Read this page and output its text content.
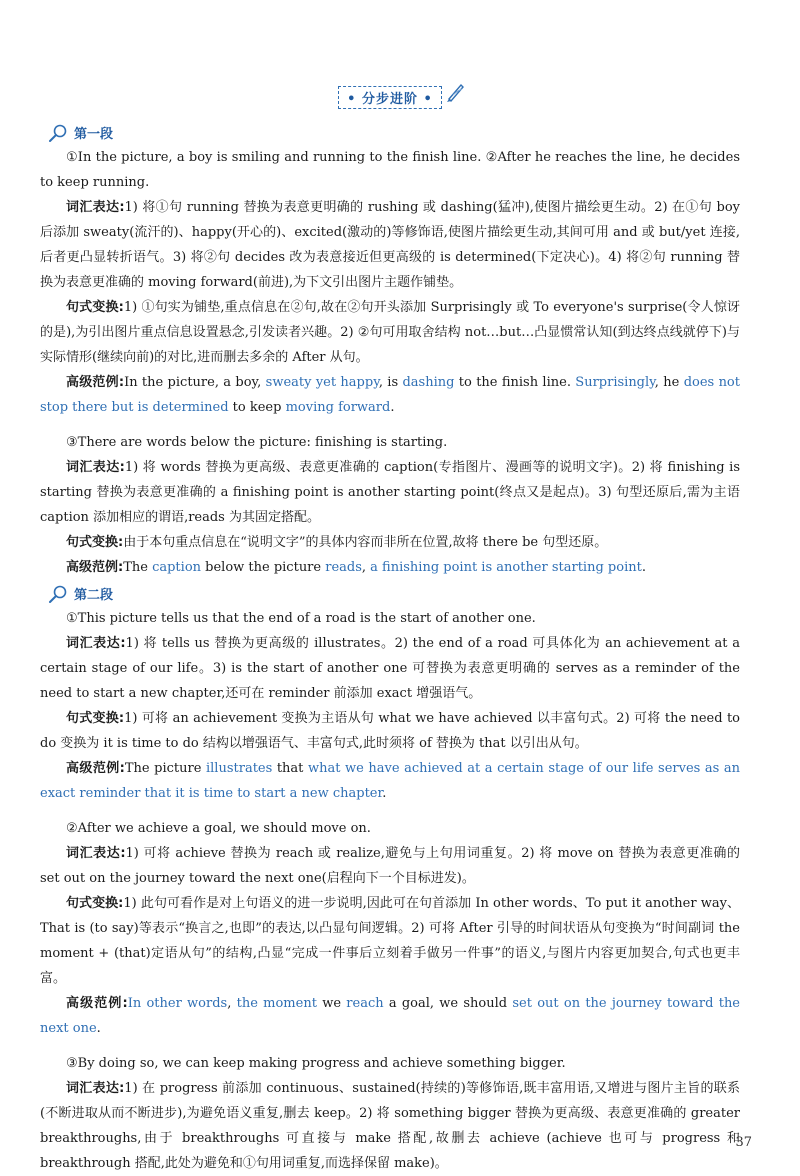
• 分步进阶 •
第一段

①In the picture, a boy is smiling and running to the finish line. ②After he reaches the line, he decides to keep running.

词汇表达:1) 将①句 running 替换为表意更明确的 rushing 或 dashing(猛冲),使图片描绘更生动。2) 在①句 boy 后添加 sweaty(流汗的)、happy(开心的)、excited(激动的)等修饰语,使图片描绘更生动,其间可用 and 或 but/yet 连接,后者更凸显转折语气。3) 将②句 decides 改为表意接近但更高级的 is determined(下定决心)。4) 将②句 running 替换为表意更准确的 moving forward(前进),为下文引出图片主题作铺垫。

句式变换:1) ①句实为铺垫,重点信息在②句,故在②句开头添加 Surprisingly 或 To everyone's surprise(令人惊讶的是),为引出图片重点信息设置悬念,引发读者兴趣。2) ②句可用取舍结构 not…but…凸显惯常认知(到达终点线就停下)与实际情形(继续向前)的对比,进而删去多余的 After 从句。

高级范例:In the picture, a boy, sweaty yet happy, is dashing to the finish line. Surprisingly, he does not stop there but is determined to keep moving forward.

③There are words below the picture: finishing is starting.

词汇表达:1) 将 words 替换为更高级、表意更准确的 caption(专指图片、漫画等的说明文字)。2) 将 finishing is starting 替换为表意更准确的 a finishing point is another starting point(终点又是起点)。3) 句型还原后,需为主语 caption 添加相应的谓语,reads 为其固定搭配。

句式变换:由于本句重点信息在“说明文字”的具体内容而非所在位置,故将 there be 句型还原。

高级范例:The caption below the picture reads, a finishing point is another starting point.

第二段

①This picture tells us that the end of a road is the start of another one.

词汇表达:1) 将 tells us 替换为更高级的 illustrates。2) the end of a road 可具体化为 an achievement at a certain stage of our life。3) is the start of another one 可替换为表意更明确的 serves as a reminder of the need to start a new chapter,还可在 reminder 前添加 exact 增强语气。

句式变换:1) 可将 an achievement 变换为主语从句 what we have achieved 以丰富句式。2) 可将 the need to do 变换为 it is time to do 结构以增强语气、丰富句式,此时须将 of 替换为 that 以引出从句。

高级范例:The picture illustrates that what we have achieved at a certain stage of our life serves as an exact reminder that it is time to start a new chapter.

②After we achieve a goal, we should move on.

词汇表达:1) 可将 achieve 替换为 reach 或 realize,避免与上句用词重复。2) 将 move on 替换为表意更准确的 set out on the journey toward the next one(启程向下一个目标进发)。

句式变换:1) 此句可看作是对上句语义的进一步说明,因此可在句首添加 In other words、To put it another way、That is (to say)等表示“换言之,也即”的表达,以凸显句间逻辑。2) 可将 After 引导的时间状语从句变换为“时间副词 the moment + (that)定语从句”的结构,凸显“完成一件事后立刻着手做另一件事”的语义,与图片内容更加契合,句式也更丰富。

高级范例:In other words, the moment we reach a goal, we should set out on the journey toward the next one.

③By doing so, we can keep making progress and achieve something bigger.

词汇表达:1) 在 progress 前添加 continuous、sustained(持续的)等修饰语,既丰富用语,又增进与图片主旨的联系(不断进取从而不断进步),为避免语义重复,删去 keep。2) 将 something bigger 替换为更高级、表意更准确的 greater breakthroughs,由于 breakthroughs 可直接与 make 搭配,故删去 achieve (achieve 也可与 progress 和 breakthrough 搭配,此处为避免和①句用词重复,而选择保留 make)。

37
